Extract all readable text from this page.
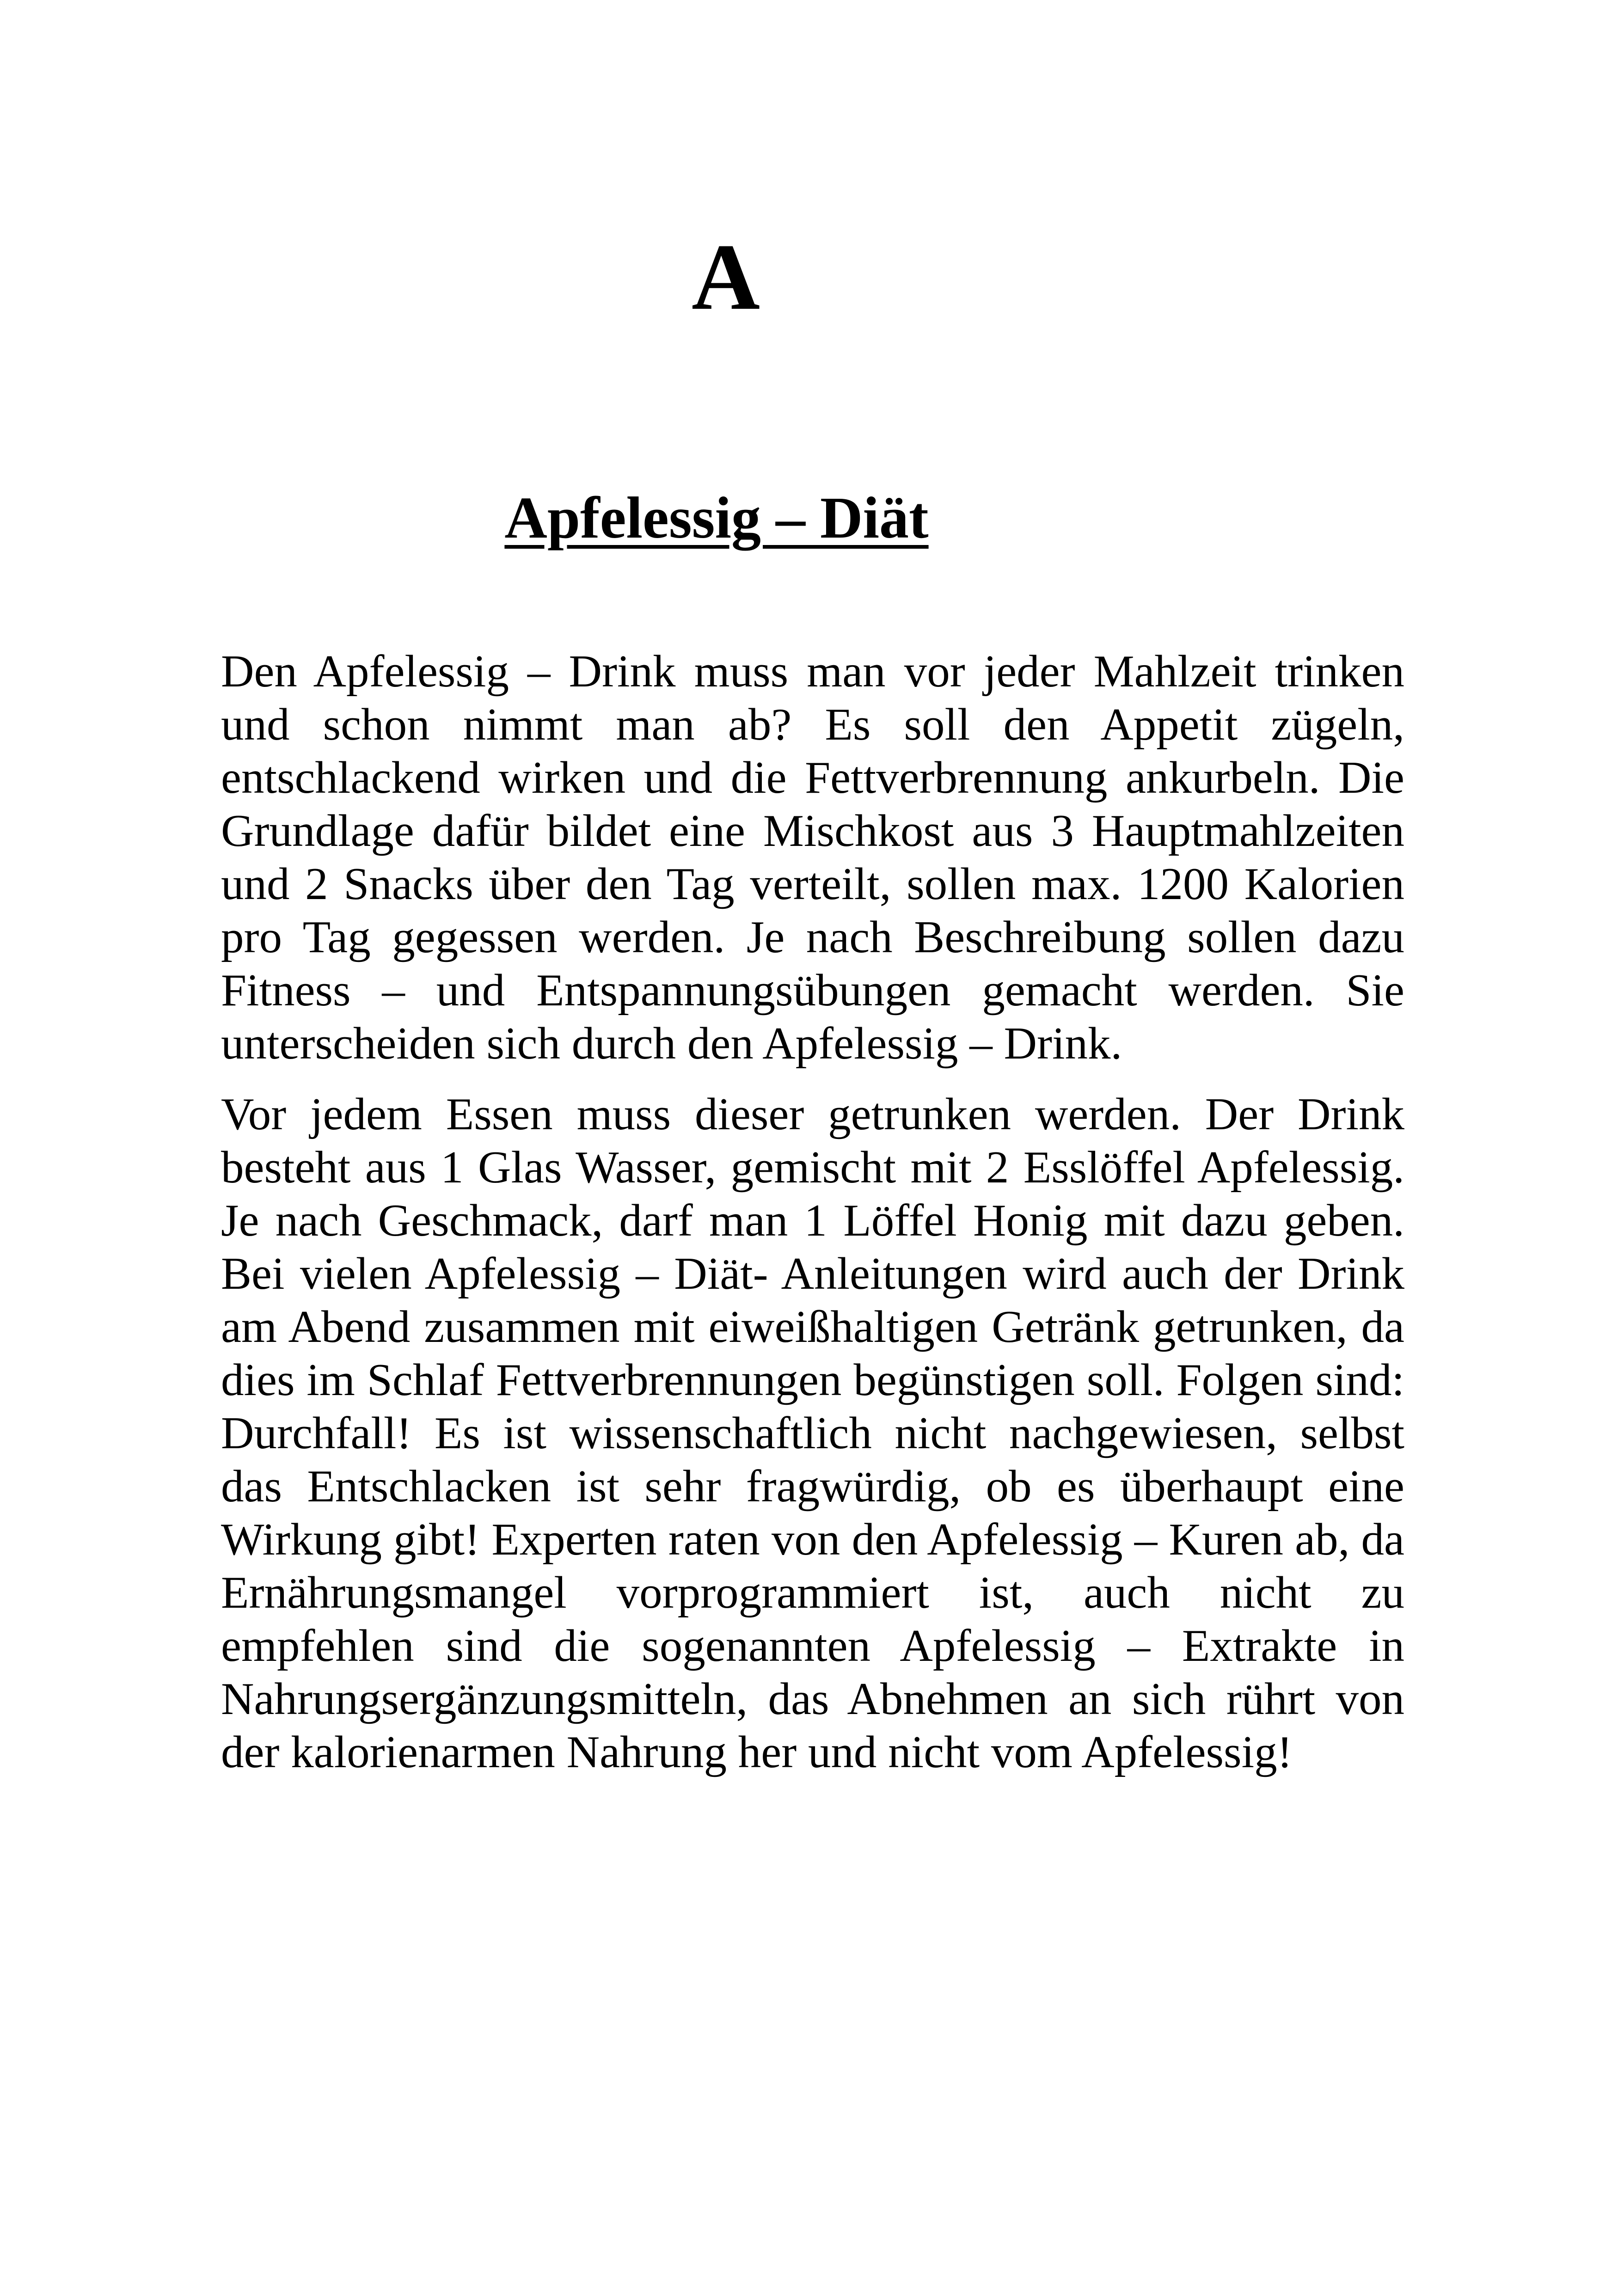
A
Apfelessig – Diät

Den Apfelessig – Drink muss man vor jeder Mahlzeit trinken und schon nimmt man ab? Es soll den Appetit zügeln, entschlackend wirken und die Fettverbrennung ankurbeln. Die Grundlage dafür bildet eine Mischkost aus 3 Hauptmahlzeiten und 2 Snacks über den Tag verteilt, sollen max. 1200 Kalorien pro Tag gegessen werden. Je nach Beschreibung sollen dazu Fitness – und Entspannungsübungen gemacht werden. Sie unterscheiden sich durch den Apfelessig – Drink.

Vor jedem Essen muss dieser getrunken werden. Der Drink besteht aus 1 Glas Wasser, gemischt mit 2 Esslöffel Apfelessig. Je nach Geschmack, darf man 1 Löffel Honig mit dazu geben. Bei vielen Apfelessig – Diät- Anleitungen wird auch der Drink am Abend zusammen mit eiweißhaltigen Getränk getrunken, da dies im Schlaf Fettverbrennungen begünstigen soll. Folgen sind: Durchfall! Es ist wissenschaftlich nicht nachgewiesen, selbst das Entschlacken ist sehr fragwürdig, ob es überhaupt eine Wirkung gibt! Experten raten von den Apfelessig – Kuren ab, da Ernährungsmangel vorprogrammiert ist, auch nicht zu empfehlen sind die sogenannten Apfelessig – Extrakte in Nahrungsergänzungsmitteln, das Abnehmen an sich rührt von der kalorienarmen Nahrung her und nicht vom Apfelessig!
